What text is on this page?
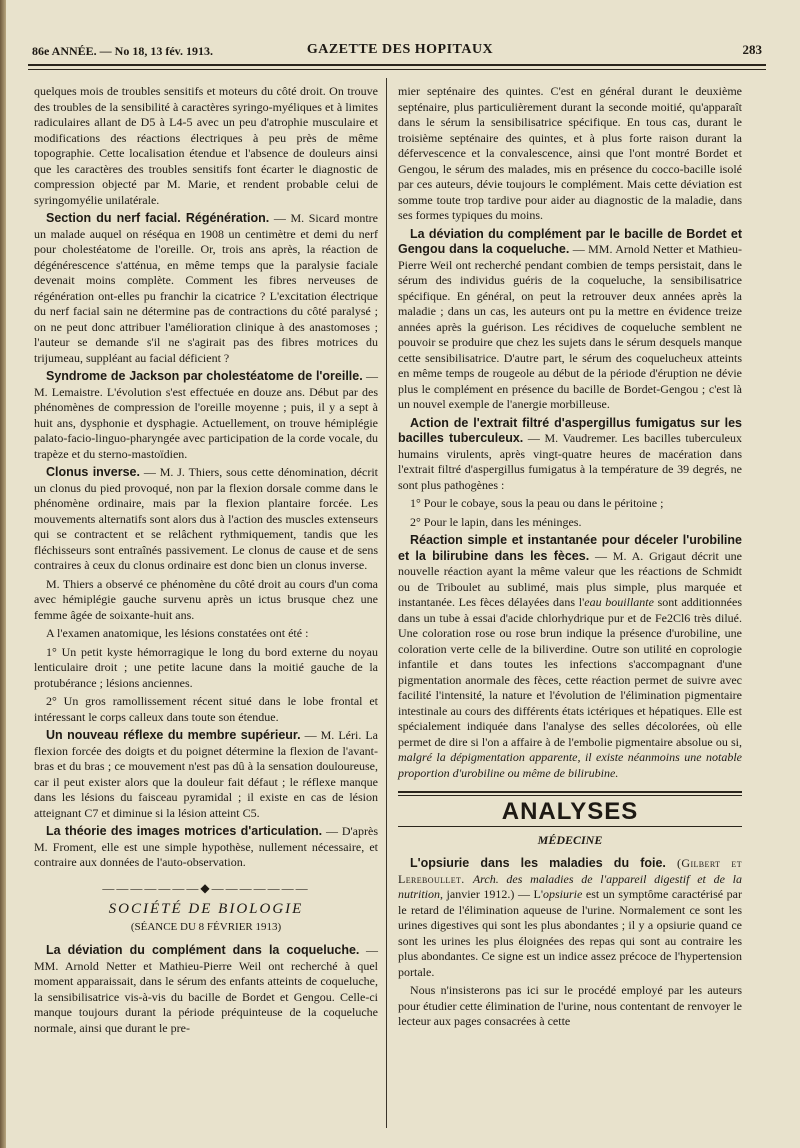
86e ANNÉE. — No 18, 13 fév. 1913.	GAZETTE DES HOPITAUX	283

quelques mois de troubles sensitifs et moteurs du côté droit. On trouve des troubles de la sensibilité à caractères syringo-myéliques et à limites radiculaires allant de D5 à L4-5 avec un peu d'atrophie musculaire et modifications des réactions électriques à peu près de même topographie. Cette localisation étendue et l'absence de douleurs ainsi que les caractères des troubles sensitifs font écarter le diagnostic de compression objecté par M. Marie, et rendent probable celui de syringomyélie unilatérale.

Section du nerf facial. Régénération. — M. Sicard montre un malade auquel on réséqua en 1908 un centimètre et demi du nerf pour cholestéatome de l'oreille. Or, trois ans après, la réaction de dégénérescence s'atténua, en même temps que la paralysie faciale devenait moins complète. Comment les fibres nerveuses de régénération ont-elles pu franchir la cicatrice ? L'excitation électrique du nerf facial sain ne détermine pas de contractions du côté paralysé ; on ne peut donc attribuer l'amélioration clinique à des anastomoses ; l'auteur se demande s'il ne s'agirait pas des fibres motrices du trijumeau, suppléant au facial déficient ?

Syndrome de Jackson par cholestéatome de l'oreille. — M. Lemaistre. L'évolution s'est effectuée en douze ans. Début par des phénomènes de compression de l'oreille moyenne ; puis, il y a sept à huit ans, dysphonie et dysphagie. Actuellement, on trouve hémiplégie palato-facio-linguo-pharyngée avec participation de la corde vocale, du trapèze et du sterno-mastoïdien.

Clonus inverse. — M. J. Thiers, sous cette dénomination, décrit un clonus du pied provoqué, non par la flexion dorsale comme dans le phénomène ordinaire, mais par la flexion plantaire forcée. Les mouvements alternatifs sont alors dus à l'action des muscles extenseurs qui se contractent et se relâchent rythmiquement, tandis que les fléchisseurs sont entraînés passivement. Le clonus de cause et de sens contraires à ceux du clonus ordinaire est donc bien un clonus inverse.

M. Thiers a observé ce phénomène du côté droit au cours d'un coma avec hémiplégie gauche survenu après un ictus brusque chez une femme âgée de soixante-huit ans.

A l'examen anatomique, les lésions constatées ont été :

1° Un petit kyste hémorragique le long du bord externe du noyau lenticulaire droit ; une petite lacune dans la moitié gauche de la protubérance ; lésions anciennes.

2° Un gros ramollissement récent situé dans le lobe frontal et intéressant le corps calleux dans toute son étendue.

Un nouveau réflexe du membre supérieur. — M. Léri. La flexion forcée des doigts et du poignet détermine la flexion de l'avant-bras et du bras ; ce mouvement n'est pas dû à la sensation douloureuse, car il peut exister alors que la douleur fait défaut ; le réflexe manque dans les lésions du faisceau pyramidal ; il existe en cas de lésion atteignant C7 et diminue si la lésion atteint C5.

La théorie des images motrices d'articulation. — D'après M. Froment, elle est une simple hypothèse, nullement nécessaire, et contraire aux données de l'auto-observation.

———————◆———————
SOCIÉTÉ DE BIOLOGIE
(SÉANCE DU 8 FÉVRIER 1913)

La déviation du complément dans la coqueluche. — MM. Arnold Netter et Mathieu-Pierre Weil ont recherché à quel moment apparaissait, dans le sérum des enfants atteints de coqueluche, la sensibilisatrice vis-à-vis du bacille de Bordet et Gengou. Celle-ci manque toujours durant la période préquinteuse de la coqueluche normale, ainsi que durant le pre-

mier septénaire des quintes. C'est en général durant le deuxième septénaire, plus particulièrement durant la seconde moitié, qu'apparaît dans le sérum la sensibilisatrice spécifique. En tous cas, durant le troisième septénaire des quintes, et à plus forte raison durant la défervescence et la convalescence, ainsi que l'ont montré Bordet et Gengou, le sérum des malades, mis en présence du cocco-bacille isolé par ces auteurs, dévie toujours le complément. Mais cette déviation est somme toute trop tardive pour aider au diagnostic de la maladie, dans ses formes typiques du moins.

La déviation du complément par le bacille de Bordet et Gengou dans la coqueluche. — MM. Arnold Netter et Mathieu-Pierre Weil ont recherché pendant combien de temps persistait, dans le sérum des individus guéris de la coqueluche, la sensibilisatrice spécifique. En général, on peut la retrouver deux années après la maladie ; dans un cas, les auteurs ont pu la mettre en évidence treize années après la guérison. Les récidives de coqueluche semblent ne pouvoir se produire que chez les sujets dans le sérum desquels manque cette sensibilisatrice. D'autre part, le sérum des coquelucheux atteints en même temps de rougeole au début de la période d'éruption ne dévie plus le complément en présence du bacille de Bordet-Gengou ; c'est là un nouvel exemple de l'anergie morbilleuse.

Action de l'extrait filtré d'aspergillus fumigatus sur les bacilles tuberculeux. — M. Vaudremer. Les bacilles tuberculeux humains virulents, après vingt-quatre heures de macération dans l'extrait filtré d'aspergillus fumigatus à la température de 39 degrés, ne sont plus pathogènes :

1° Pour le cobaye, sous la peau ou dans le péritoine ;

2° Pour le lapin, dans les méninges.

Réaction simple et instantanée pour déceler l'urobiline et la bilirubine dans les fèces. — M. A. Grigaut décrit une nouvelle réaction ayant la même valeur que les réactions de Schmidt ou de Triboulet au sublimé, mais plus simple, plus marquée et instantanée. Les fèces délayées dans l'eau bouillante sont additionnées dans un tube à essai d'acide chlorhydrique pur et de Fe2Cl6 très dilué. Une coloration rose ou rose brun indique la présence d'urobiline, une coloration verte celle de la biliverdine. Outre son utilité en coprologie infantile et dans toutes les infections s'accompagnant d'une pigmentation anormale des fèces, cette réaction permet de suivre avec facilité l'intensité, la nature et l'évolution de l'élimination pigmentaire intestinale au cours des différents états ictériques et hépatiques. Elle est spécialement indiquée dans l'analyse des selles décolorées, où elle permet de dire si l'on a affaire à de l'embolie pigmentaire absolue ou si, malgré la dépigmentation apparente, il existe néanmoins une notable proportion d'urobiline ou même de bilirubine.

ANALYSES
MÉDECINE

L'opsiurie dans les maladies du foie. (Gilbert et Lereboullet. Arch. des maladies de l'appareil digestif et de la nutrition, janvier 1912.) — L'opsiurie est un symptôme caractérisé par le retard de l'élimination aqueuse de l'urine. Normalement ce sont les urines digestives qui sont les plus abondantes ; il y a opsiurie quand ce sont les urines les plus éloignées des repas qui sont au contraire les plus abondantes. Ce signe est un indice assez précoce de l'hypertension portale.

Nous n'insisterons pas ici sur le procédé employé par les auteurs pour étudier cette élimination de l'urine, nous contentant de renvoyer le lecteur aux pages consacrées à cette
